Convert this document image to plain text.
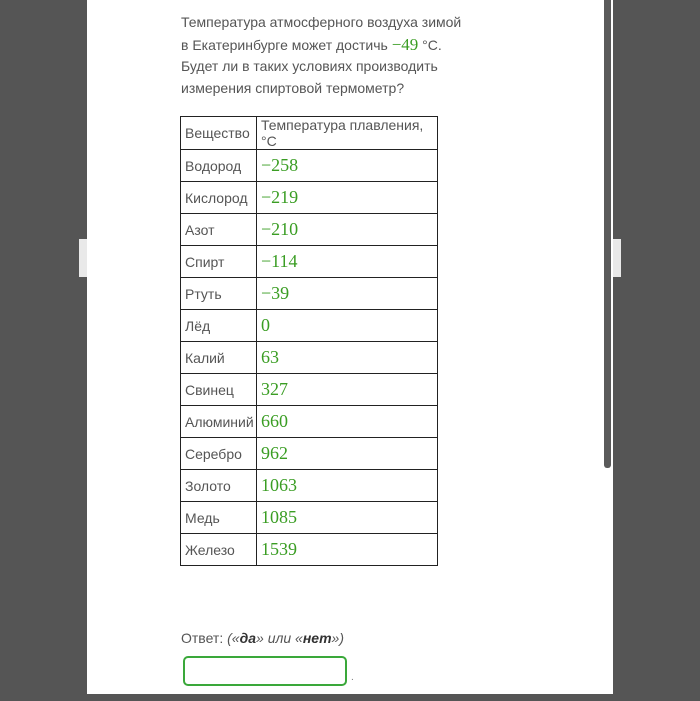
Температура атмосферного воздуха зимой
в Екатеринбурге может достичь −49 °C.
Будет ли в таких условиях производить
измерения спиртовой термометр?
Вещество	Температура плавления, °C
Водород	−258
Кислород	−219
Азот	−210
Спирт	−114
Ртуть	−39
Лёд	0
Калий	63
Свинец	327
Алюминий	660
Серебро	962
Золото	1063
Медь	1085
Железо	1539
Ответ: («да» или «нет»)
.
